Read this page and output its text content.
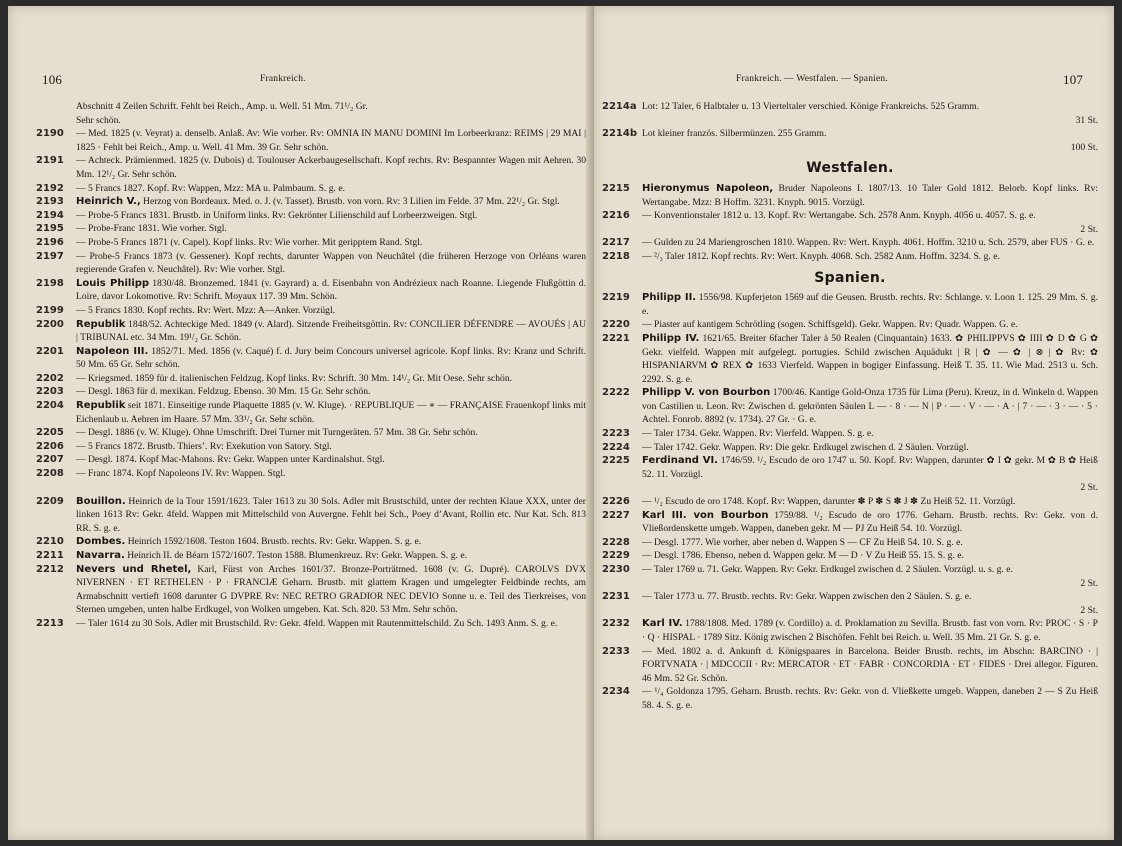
106	Frankreich.
Abschnitt 4 Zeilen Schrift. Fehlt bei Reich., Amp. u. Well. 51 Mm. 71¹/₂ Gr.
Sehr schön.
2190	— Med. 1825 (v. Veyrat) a. denselb. Anlaß. Av: Wie vorher. Rv: OMNIA IN MANU DOMINI Im Lorbeerkranz: REIMS | 29 MAI | 1825 · Fehlt bei Reich., Amp. u. Well. 41 Mm. 39 Gr. Sehr schön.
2191	— Achteck. Prämienmed. 1825 (v. Dubois) d. Toulouser Ackerbaugesellschaft. Kopf rechts. Rv: Bespannter Wagen mit Aehren. 30 Mm. 12¹/₂ Gr. Sehr schön.
2192	— 5 Francs 1827. Kopf. Rv: Wappen, Mzz: MA u. Palmbaum. S. g. e.
2193	Heinrich V., Herzog von Bordeaux. Med. o. J. (v. Tasset). Brustb. von vorn. Rv: 3 Lilien im Felde. 37 Mm. 22¹/₂ Gr. Stgl.
2194	— Probe-5 Francs 1831. Brustb. in Uniform links. Rv: Gekrönter Lilienschild auf Lorbeerzweigen. Stgl.
2195	— Probe-Franc 1831. Wie vorher. Stgl.
2196	— Probe-5 Francs 1871 (v. Capel). Kopf links. Rv: Wie vorher. Mit geripptem Rand. Stgl.
2197	— Probe-5 Francs 1873 (v. Gessener). Kopf rechts, darunter Wappen von Neuchâtel (die früheren Herzoge von Orléans waren regierende Grafen v. Neuchâtel). Rv: Wie vorher. Stgl.
2198	Louis Philipp 1830/48. Bronzemed. 1841 (v. Gayrard) a. d. Eisenbahn von Andrézieux nach Roanne. Liegende Flußgöttin d. Loire, davor Lokomotive. Rv: Schrift. Moyaux 117. 39 Mm. Schön.
2199	— 5 Francs 1830. Kopf rechts. Rv: Wert. Mzz: A—Anker. Vorzügl.
2200	Republik 1848/52. Achteckige Med. 1849 (v. Alard). Sitzende Freiheitsgöttin. Rv: CONCILIER DÉFENDRE — AVOUÉS | AU | TRIBUNAL etc. 34 Mm. 19¹/₂ Gr. Schön.
2201	Napoleon III. 1852/71. Med. 1856 (v. Caqué) f. d. Jury beim Concours universel agricole. Kopf links. Rv: Kranz und Schrift. 50 Mm. 65 Gr. Sehr schön.
2202	— Kriegsmed. 1859 für d. italienischen Feldzug. Kopf links. Rv: Schrift. 30 Mm. 14¹/₂ Gr. Mit Oese. Sehr schön.
2203	— Desgl. 1863 für d. mexikan. Feldzug. Ebenso. 30 Mm. 15 Gr. Sehr schön.
2204	Republik seit 1871. Einseitige runde Plaquette 1885 (v. W. Kluge). · REPUBLIQUE — ∗ — FRANÇAISE Frauenkopf links mit Eichenlaub u. Aehren im Haare. 57 Mm. 33¹/₂ Gr. Sehr schön.
2205	— Desgl. 1886 (v. W. Kluge). Ohne Umschrift. Drei Turner mit Turngeräten. 57 Mm. 38 Gr. Sehr schön.
2206	— 5 Francs 1872. Brustb. Thiers’. Rv: Exekution von Satory. Stgl.
2207	— Desgl. 1874. Kopf Mac-Mahons. Rv: Gekr. Wappen unter Kardinalshut. Stgl.
2208	— Franc 1874. Kopf Napoleons IV. Rv: Wappen. Stgl.
2209	Bouillon. Heinrich de la Tour 1591/1623. Taler 1613 zu 30 Sols. Adler mit Brustschild, unter der rechten Klaue XXX, unter der linken 1613 Rv: Gekr. 4feld. Wappen mit Mittelschild von Auvergne. Fehlt bei Sch., Poey d’Avant, Rollin etc. Nur Kat. Sch. 813 RR. S. g. e.
2210	Dombes. Heinrich 1592/1608. Teston 1604. Brustb. rechts. Rv: Gekr. Wappen. S. g. e.
2211	Navarra. Heinrich II. de Béarn 1572/1607. Teston 1588. Blumenkreuz. Rv: Gekr. Wappen. S. g. e.
2212	Nevers und Rhetel, Karl, Fürst von Arches 1601/37. Bronze-Porträtmed. 1608 (v. G. Dupré). CAROLVS DVX NIVERNEN · ET RETHELEN · P · FRANCIÆ Geharn. Brustb. mit glattem Kragen und umgelegter Feldbinde rechts, am Armabschnitt vertieft 1608 darunter G DVPRE Rv: NEC RETRO GRADIOR NEC DEVIO Sonne u. e. Teil des Tierkreises, von Sternen umgeben, unten halbe Erdkugel, von Wolken umgeben. Kat. Sch. 820. 53 Mm. Sehr schön.
2213	— Taler 1614 zu 30 Sols. Adler mit Brustschild. Rv: Gekr. 4feld. Wappen mit Rautenmittelschild. Zu Sch. 1493 Anm. S. g. e.
Frankreich. — Westfalen. — Spanien.	107
2214a Lot: 12 Taler, 6 Halbtaler u. 13 Vierteltaler verschied. Könige Frankreichs. 525 Gramm.
31 St.
2214b Lot kleiner französ. Silbermünzen. 255 Gramm.
100 St.
Westfalen.
2215	Hieronymus Napoleon, Bruder Napoleons I. 1807/13. 10 Taler Gold 1812. Belorb. Kopf links. Rv: Wertangabe. Mzz: B Hoffm. 3231. Knyph. 9015. Vorzügl.
2216	— Konventionstaler 1812 u. 13. Kopf. Rv: Wertangabe. Sch. 2578 Anm. Knyph. 4056 u. 4057. S. g. e.
2 St.
2217	— Gulden zu 24 Mariengroschen 1810. Wappen. Rv: Wert. Knyph. 4061. Hoffm. 3210 u. Sch. 2579, aber FUS · G. e.
2218	— ²/₃ Taler 1812. Kopf rechts. Rv: Wert. Knyph. 4068. Sch. 2582 Anm. Hoffm. 3234. S. g. e.
Spanien.
2219	Philipp II. 1556/98. Kupferjeton 1569 auf die Geusen. Brustb. rechts. Rv: Schlange. v. Loon 1. 125. 29 Mm. S. g. e.
2220	— Piaster auf kantigem Schrötling (sogen. Schiffsgeld). Gekr. Wappen. Rv: Quadr. Wappen. G. e.
2221	Philipp IV. 1621/65. Breiter 6facher Taler à 50 Realen (Cinquantain) 1633. ✿ PHILIPPVS ✿ IIII ✿ D ✿ G ✿ Gekr. vielfeld. Wappen mit aufgelegt. portugies. Schild zwischen Aquädukt | R | ✿ — ✿ | ⊗ | ✿ Rv: ✿ HISPANIARVM ✿ REX ✿ 1633 Vierfeld. Wappen in bogiger Einfassung. Heiß T. 35. 11. Wie Mad. 2513 u. Sch. 2292. S. g. e.
2222	Philipp V. von Bourbon 1700/46. Kantige Gold-Onza 1735 für Lima (Peru). Kreuz, in d. Winkeln d. Wappen von Castilien u. Leon. Rv: Zwischen d. gekrönten Säulen L — · 8 · — N | P · — · V · — · A · | 7 · — · 3 · — · 5 · Achtel. Fonrob. 8892 (v. 1734). 27 Gr. · G. e.
2223	— Taler 1734. Gekr. Wappen. Rv: Vierfeld. Wappen. S. g. e.
2224	— Taler 1742. Gekr. Wappen. Rv: Die gekr. Erdkugel zwischen d. 2 Säulen. Vorzügl.
2225	Ferdinand VI. 1746/59. ¹/₂ Escudo de oro 1747 u. 50. Kopf. Rv: Wappen, darunter ✿ I ✿ gekr. M ✿ B ✿ Heiß 52. 11. Vorzügl.
2 St.
2226	— ¹/₂ Escudo de oro 1748. Kopf. Rv: Wappen, darunter ✽ P ✽ S ✽ J ✽ Zu Heiß 52. 11. Vorzügl.
2227	Karl III. von Bourbon 1759/88. ¹/₂ Escudo de oro 1776. Geharn. Brustb. rechts. Rv: Gekr. von d. Vließordenskette umgeb. Wappen, daneben gekr. M — PJ Zu Heiß 54. 10. Vorzügl.
2228	— Desgl. 1777. Wie vorher, aber neben d. Wappen S — CF Zu Heiß 54. 10. S. g. e.
2229	— Desgl. 1786. Ebenso, neben d. Wappen gekr. M — D · V Zu Heiß 55. 15. S. g. e.
2230	— Taler 1769 u. 71. Gekr. Wappen. Rv: Gekr. Erdkugel zwischen d. 2 Säulen. Vorzügl. u. s. g. e.
2 St.
2231	— Taler 1773 u. 77. Brustb. rechts. Rv: Gekr. Wappen zwischen den 2 Säulen. S. g. e.
2 St.
2232	Karl IV. 1788/1808. Med. 1789 (v. Cordillo) a. d. Proklamation zu Sevilla. Brustb. fast von vorn. Rv: PROC · S · P · Q · HISPAL · 1789 Sitz. König zwischen 2 Bischöfen. Fehlt bei Reich. u. Well. 35 Mm. 21 Gr. S. g. e.
2233	— Med. 1802 a. d. Ankunft d. Königspaares in Barcelona. Beider Brustb. rechts, im Abschn: BARCINO · | FORTVNATA · | MDCCCII · Rv: MERCATOR · ET · FABR · CONCORDIA · ET · FIDES · Drei allegor. Figuren. 46 Mm. 52 Gr. Schön.
2234	— ¹/₄ Goldonza 1795. Geharn. Brustb. rechts. Rv: Gekr. von d. Vließkette umgeb. Wappen, daneben 2 — S Zu Heiß 58. 4. S. g. e.
